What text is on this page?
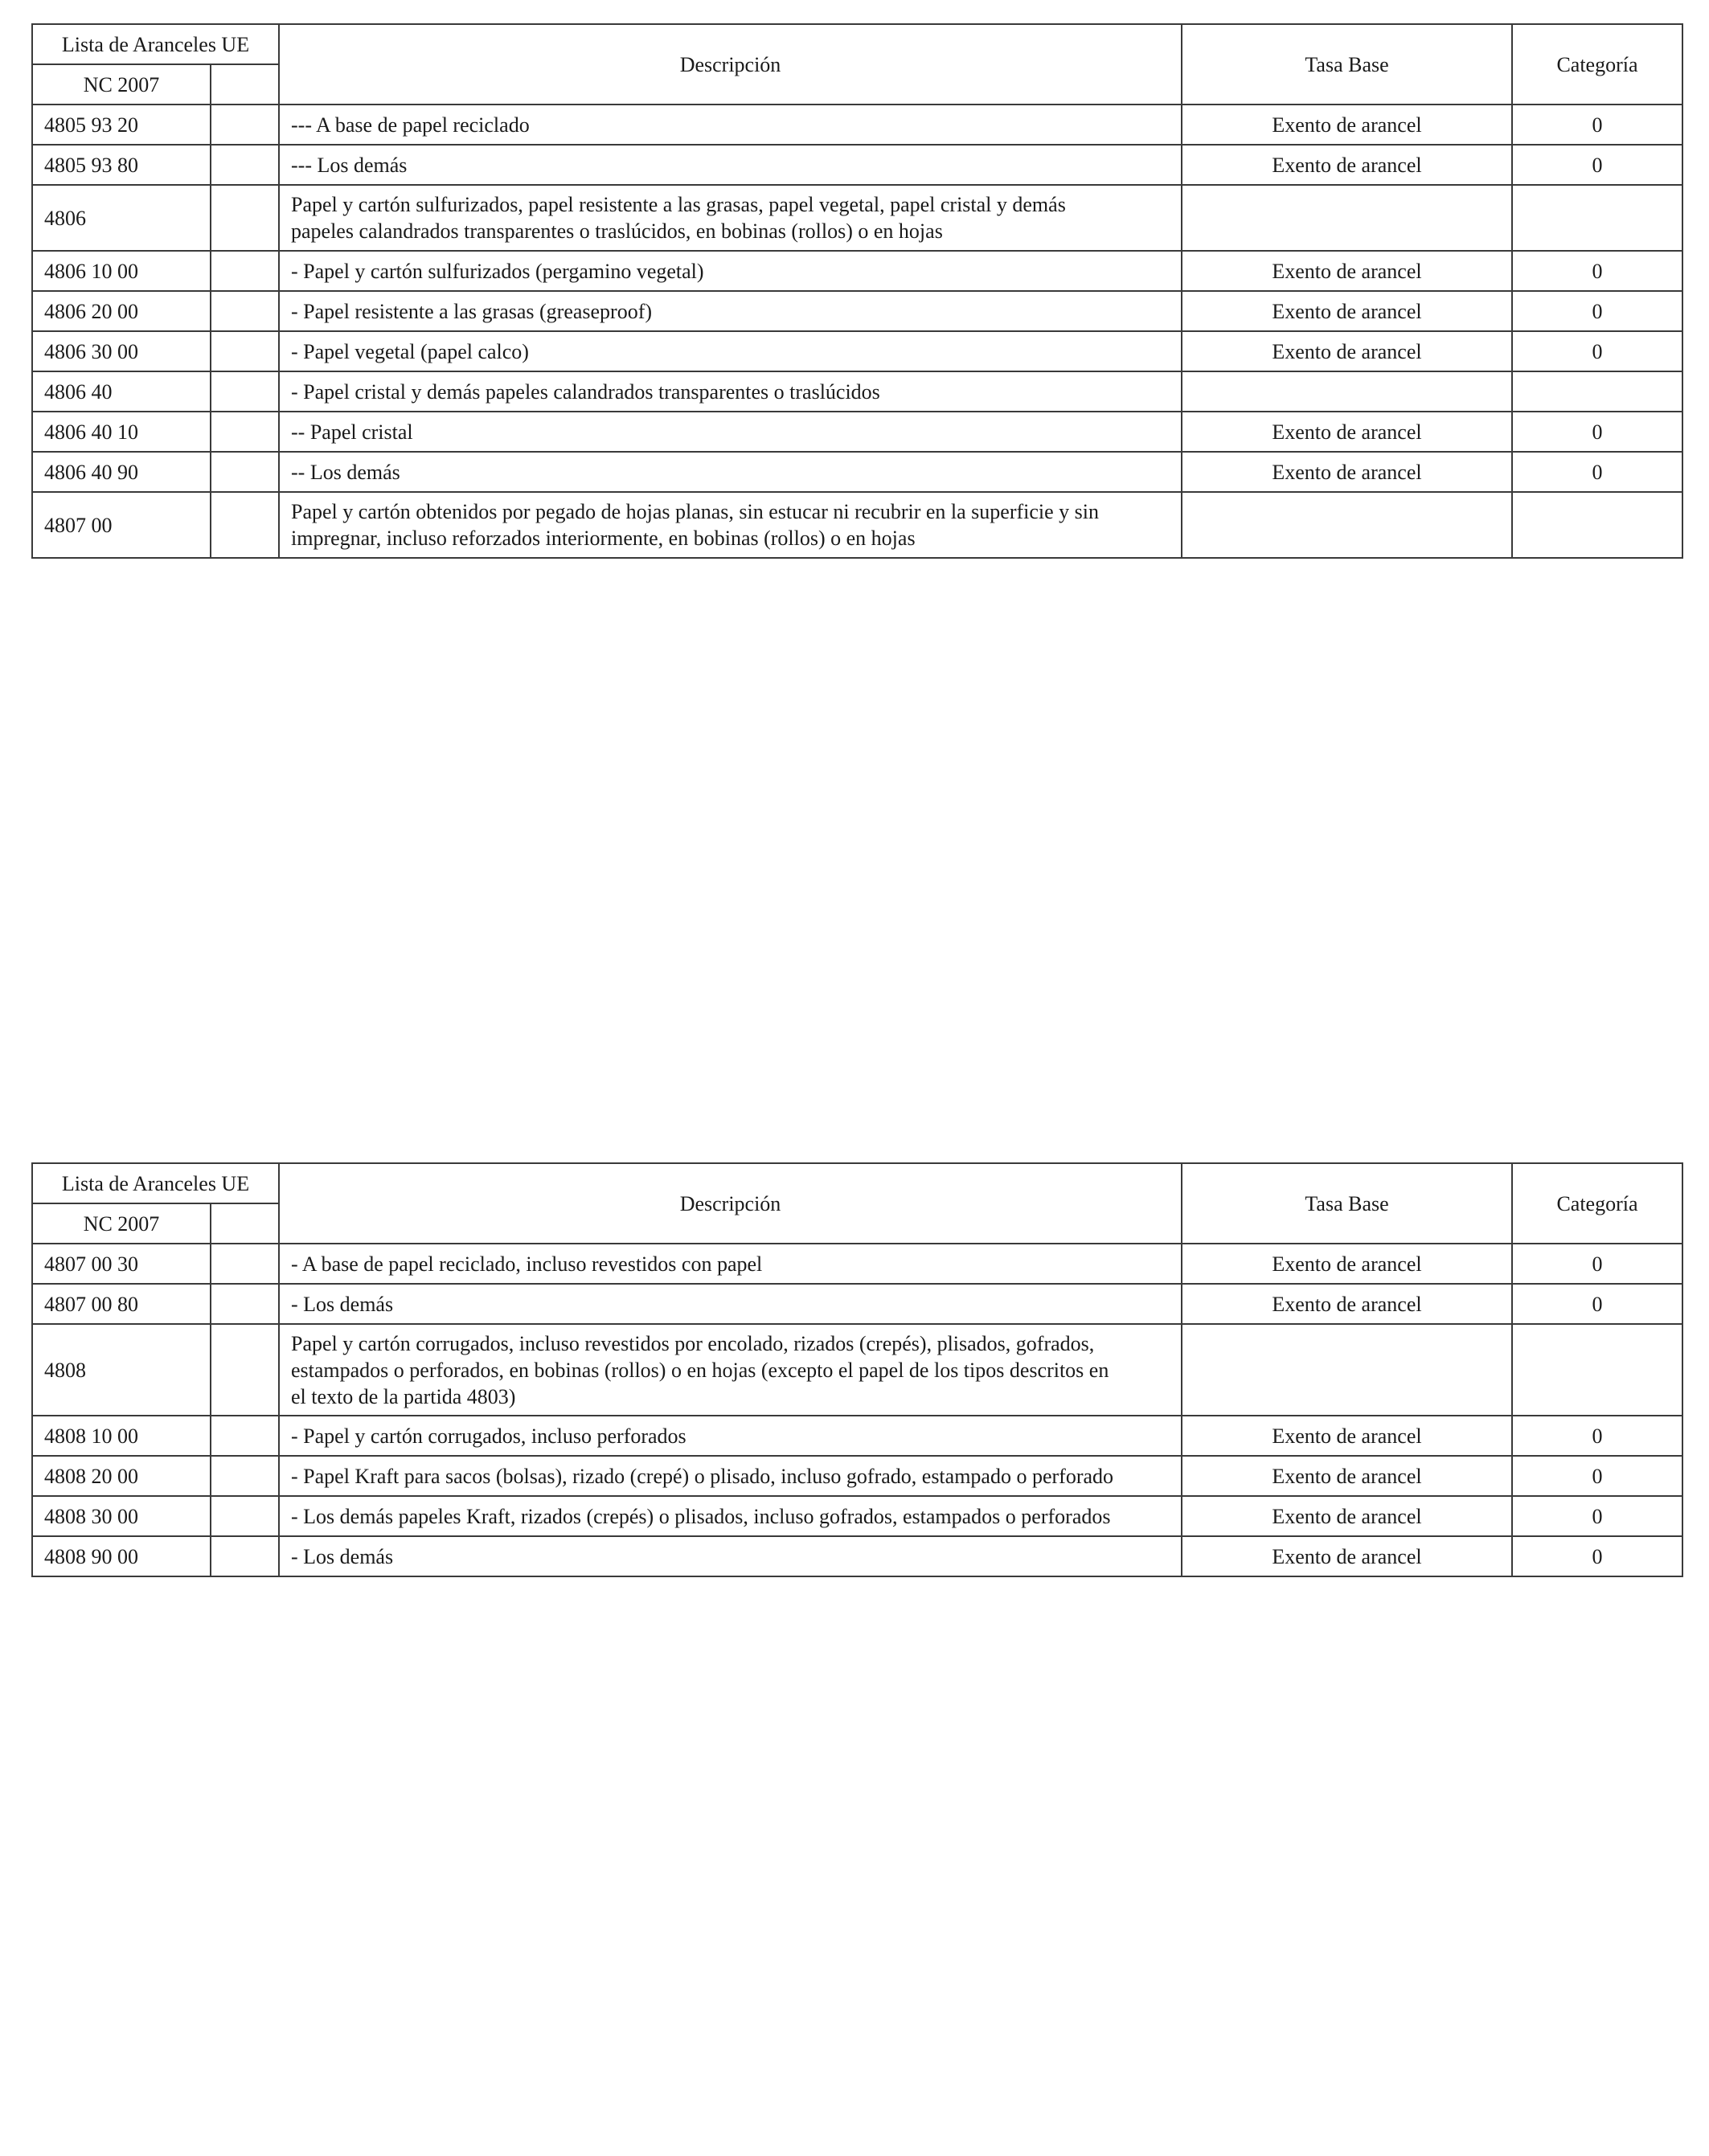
Lista de Aranceles UE		Descripción	Tasa Base	Categoría
NC 2007				
4805 93 20		--- A base de papel reciclado	Exento de arancel	0
4805 93 80		--- Los demás	Exento de arancel	0
4806		Papel y cartón sulfurizados, papel resistente a las grasas, papel vegetal, papel cristal y demás
papeles calandrados transparentes o traslúcidos, en bobinas (rollos) o en hojas		

4806 10 00		- Papel y cartón sulfurizados (pergamino vegetal)	Exento de arancel	0
4806 20 00		- Papel resistente a las grasas (greaseproof)	Exento de arancel	0
4806 30 00		- Papel vegetal (papel calco)	Exento de arancel	0
4806 40		- Papel cristal y demás papeles calandrados transparentes o traslúcidos		
4806 40 10		-- Papel cristal	Exento de arancel	0
4806 40 90		-- Los demás	Exento de arancel	0
4807 00		Papel y cartón obtenidos por pegado de hojas planas, sin estucar ni recubrir en la superficie y sin
impregnar, incluso reforzados interiormente, en bobinas (rollos) o en hojas		

Lista de Aranceles UE		Descripción	Tasa Base	Categoría
NC 2007				
4807 00 30		- A base de papel reciclado, incluso revestidos con papel	Exento de arancel	0
4807 00 80		- Los demás	Exento de arancel	0
4808		Papel y cartón corrugados, incluso revestidos por encolado, rizados (crepés), plisados, gofrados,
estampados o perforados, en bobinas (rollos) o en hojas (excepto el papel de los tipos descritos en
el texto de la partida 4803)		

4808 10 00		- Papel y cartón corrugados, incluso perforados	Exento de arancel	0
4808 20 00		- Papel Kraft para sacos (bolsas), rizado (crepé) o plisado, incluso gofrado, estampado o perforado	Exento de arancel	0
4808 30 00		- Los demás papeles Kraft, rizados (crepés) o plisados, incluso gofrados, estampados o perforados	Exento de arancel	0
4808 90 00		- Los demás	Exento de arancel	0
